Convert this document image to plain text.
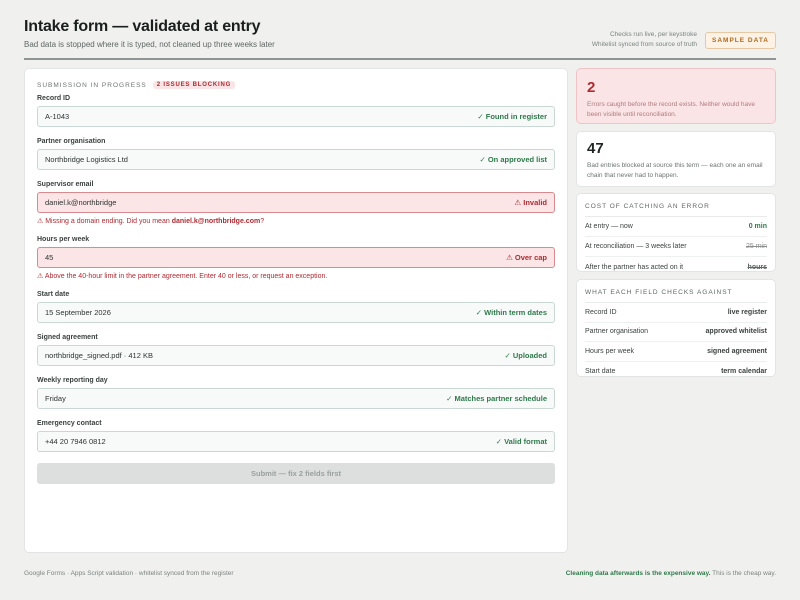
Intake form — validated at entry
Bad data is stopped where it is typed, not cleaned up three weeks later
Checks run live, per keystroke
Whitelist synced from source of truth
SAMPLE DATA
SUBMISSION IN PROGRESS	2 ISSUES BLOCKING
Record ID
A-1043	✓ Found in register
Partner organisation
Northbridge Logistics Ltd	✓ On approved list
Supervisor email
daniel.k@northbridge	⚠ Invalid
⚠ Missing a domain ending. Did you mean daniel.k@northbridge.com?
Hours per week
45	⚠ Over cap
⚠ Above the 40-hour limit in the partner agreement. Enter 40 or less, or request an exception.
Start date
15 September 2026	✓ Within term dates
Signed agreement
northbridge_signed.pdf · 412 KB	✓ Uploaded
Weekly reporting day
Friday	✓ Matches partner schedule
Emergency contact
+44 20 7946 0812	✓ Valid format
Submit — fix 2 fields first
2
Errors caught before the record exists. Neither would have been visible until reconciliation.
47
Bad entries blocked at source this term — each one an email chain that never had to happen.
COST OF CATCHING AN ERROR
At entry — now	0 min
At reconciliation — 3 weeks later	25 min
After the partner has acted on it	hours
WHAT EACH FIELD CHECKS AGAINST
Record ID	live register
Partner organisation	approved whitelist
Hours per week	signed agreement
Start date	term calendar
Google Forms · Apps Script validation · whitelist synced from the register	Cleaning data afterwards is the expensive way. This is the cheap way.
